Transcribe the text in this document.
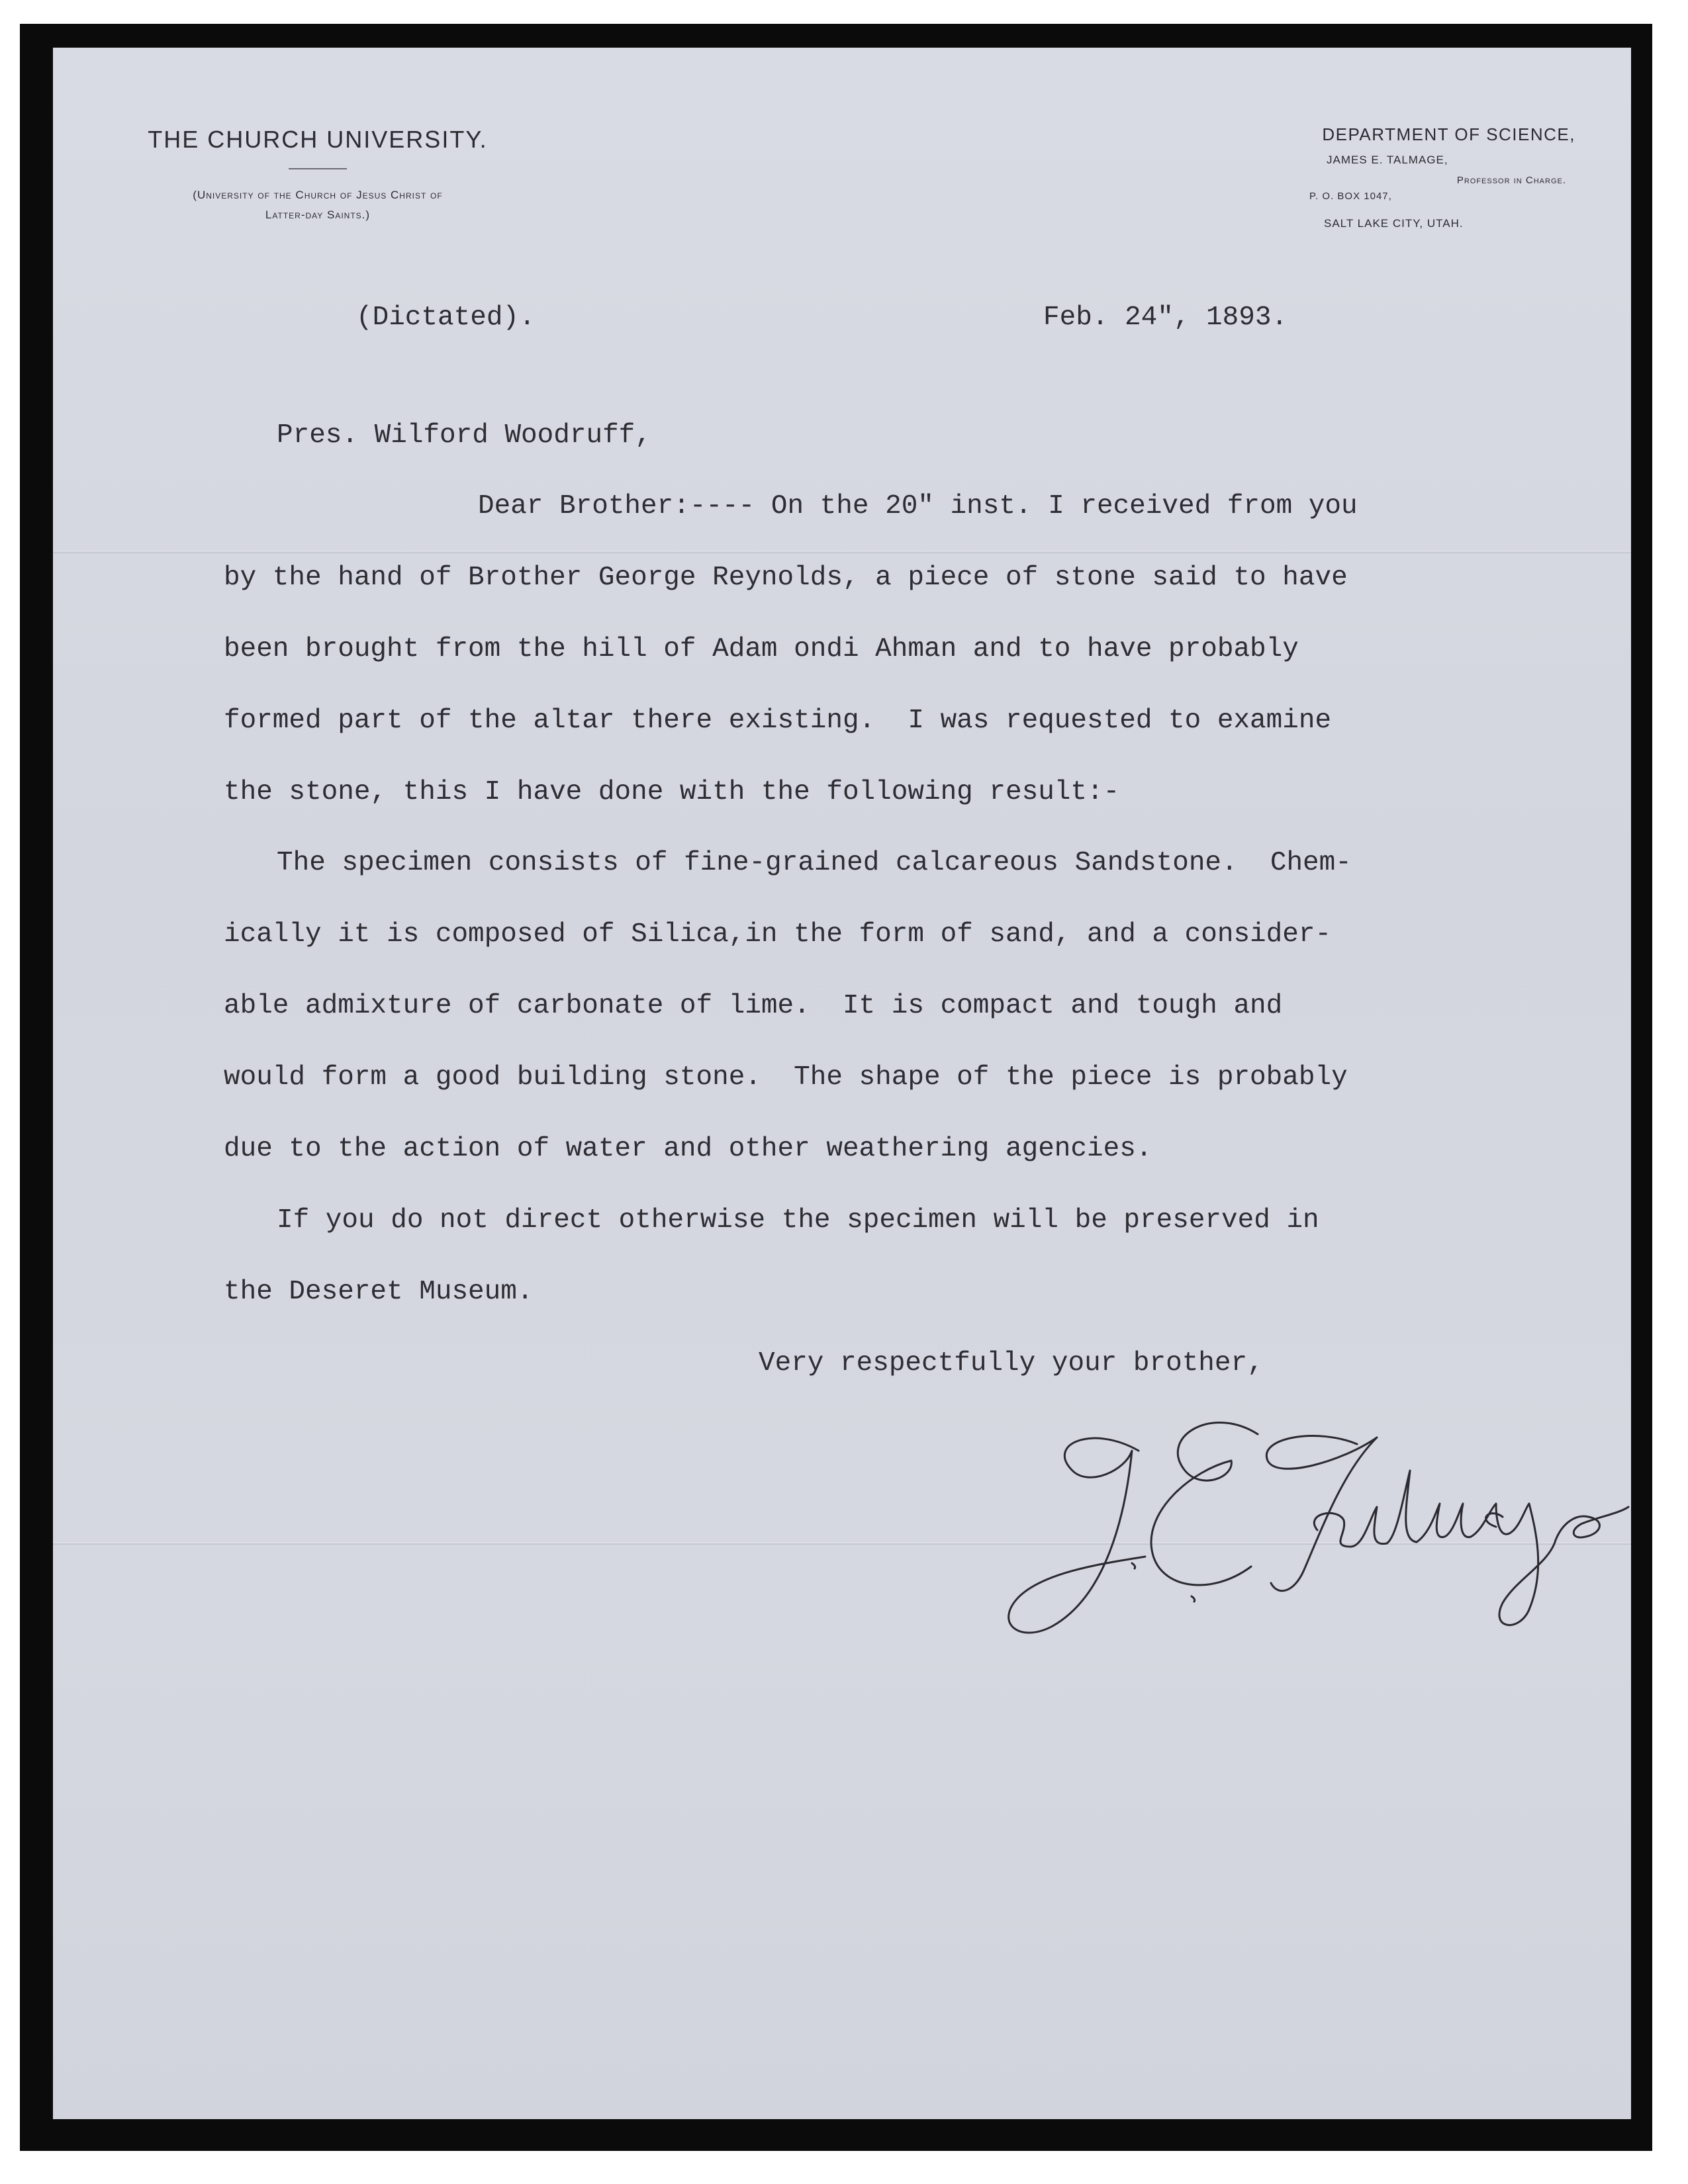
THE CHURCH UNIVERSITY.
(University of the Church of Jesus Christ of
Latter-day Saints.)
DEPARTMENT OF SCIENCE,
JAMES E. TALMAGE,
Professor in Charge.
P. O. BOX 1047,
SALT LAKE CITY, UTAH.
(Dictated).	Feb. 24", 1893.
Pres. Wilford Woodruff,
Dear Brother:---- On the 20" inst. I received from you
by the hand of Brother George Reynolds, a piece of stone said to have
been brought from the hill of Adam ondi Ahman and to have probably
formed part of the altar there existing.  I was requested to examine
the stone, this I have done with the following result:-
The specimen consists of fine-grained calcareous Sandstone.  Chem-
ically it is composed of Silica,in the form of sand, and a consider-
able admixture of carbonate of lime.  It is compact and tough and
would form a good building stone.  The shape of the piece is probably
due to the action of water and other weathering agencies.
If you do not direct otherwise the specimen will be preserved in
the Deseret Museum.
Very respectfully your brother,
